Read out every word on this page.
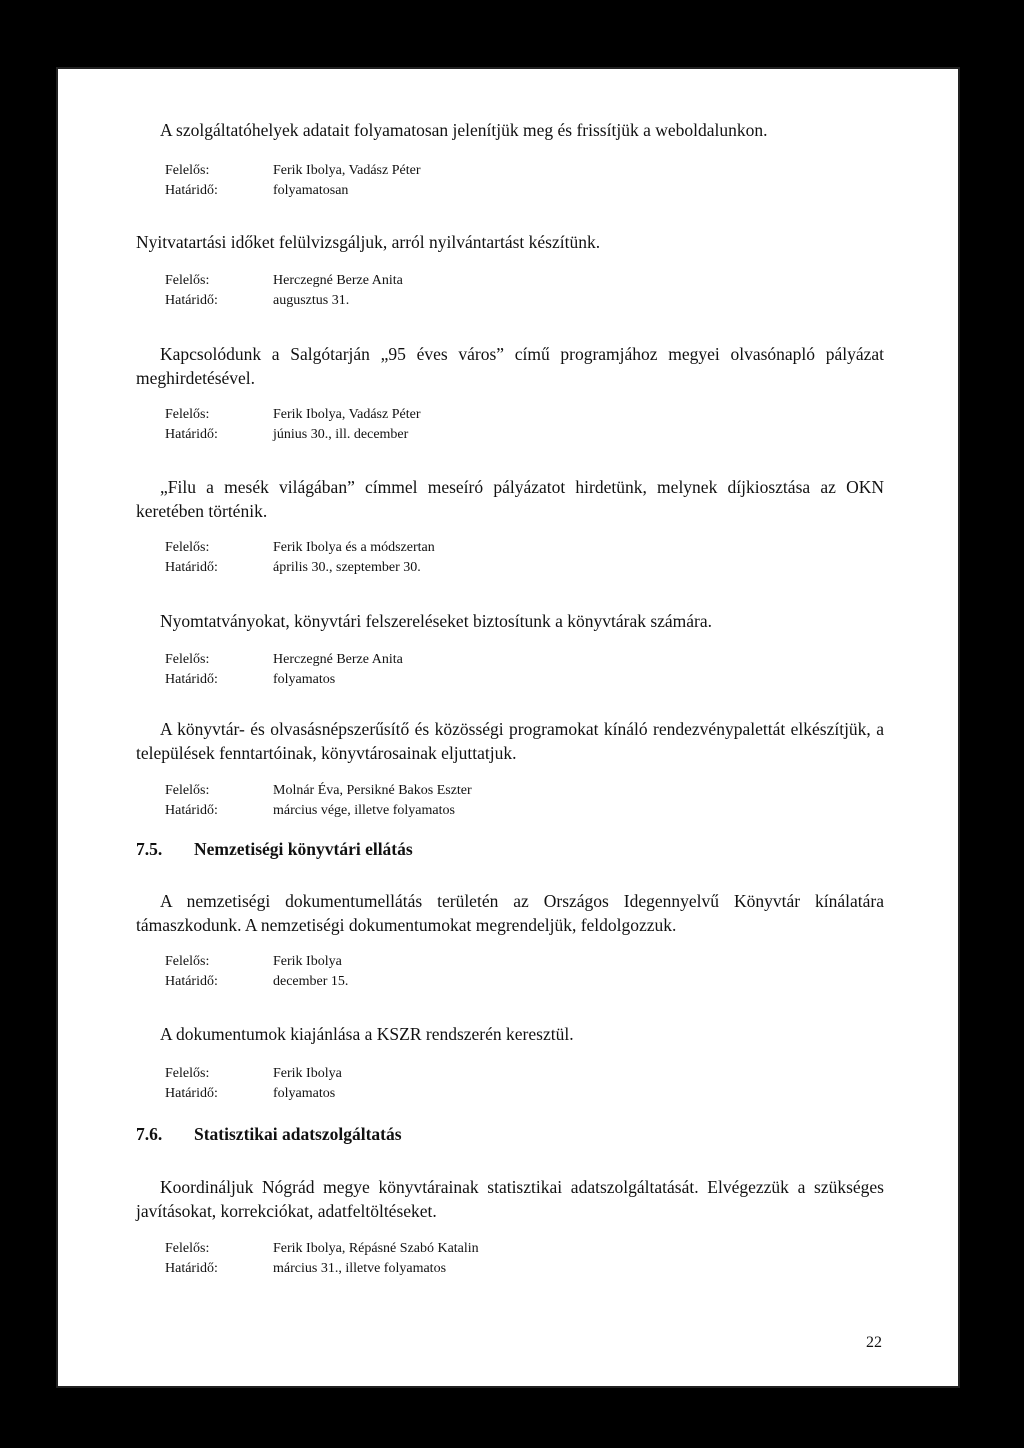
A szolgáltatóhelyek adatait folyamatosan jelenítjük meg és frissítjük a weboldalunkon.

Felelős:	Ferik Ibolya, Vadász Péter
Határidő:	folyamatosan

Nyitvatartási időket felülvizsgáljuk, arról nyilvántartást készítünk.

Felelős:	Herczegné Berze Anita
Határidő:	augusztus 31.

Kapcsolódunk a Salgótarján „95 éves város” című programjához megyei olvasónapló pályázat meghirdetésével.

Felelős:	Ferik Ibolya, Vadász Péter
Határidő:	június 30., ill. december

„Filu a mesék világában” címmel meseíró pályázatot hirdetünk, melynek díjkiosztása az OKN keretében történik.

Felelős:	Ferik Ibolya és a módszertan
Határidő:	április 30., szeptember 30.

Nyomtatványokat, könyvtári felszereléseket biztosítunk a könyvtárak számára.

Felelős:	Herczegné Berze Anita
Határidő:	folyamatos

A könyvtár- és olvasásnépszerűsítő és közösségi programokat kínáló rendezvénypalettát elkészítjük, a települések fenntartóinak, könyvtárosainak eljuttatjuk.

Felelős:	Molnár Éva, Persikné Bakos Eszter
Határidő:	március vége, illetve folyamatos
7.5.	Nemzetiségi könyvtári ellátás

A nemzetiségi dokumentumellátás területén az Országos Idegennyelvű Könyvtár kínálatára támaszkodunk. A nemzetiségi dokumentumokat megrendeljük, feldolgozzuk.

Felelős:	Ferik Ibolya
Határidő:	december 15.

A dokumentumok kiajánlása a KSZR rendszerén keresztül.

Felelős:	Ferik Ibolya
Határidő:	folyamatos
7.6.	Statisztikai adatszolgáltatás

Koordináljuk Nógrád megye könyvtárainak statisztikai adatszolgáltatását. Elvégezzük a szükséges javításokat, korrekciókat, adatfeltöltéseket.

Felelős:	Ferik Ibolya, Répásné Szabó Katalin
Határidő:	március 31., illetve folyamatos
22
